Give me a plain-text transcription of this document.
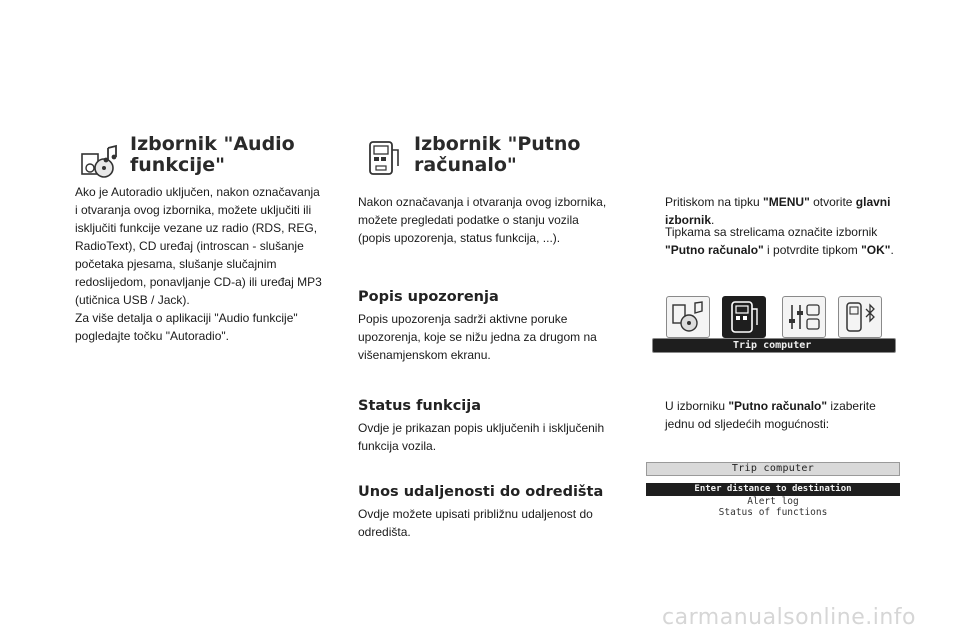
Izbornik "Audio
funkcije"
Ako je Autoradio uključen, nakon označavanja
i otvaranja ovog izbornika, možete uključiti ili
isključiti funkcije vezane uz radio (RDS, REG,
RadioText), CD uređaj (introscan - slušanje
početaka pjesama, slušanje slučajnim
redoslijedom, ponavljanje CD-a) ili uređaj MP3
(utičnica USB / Jack).
Za više detalja o aplikaciji "Audio funkcije"
pogledajte točku "Autoradio".
Izbornik "Putno
računalo"
Nakon označavanja i otvaranja ovog izbornika,
možete pregledati podatke o stanju vozila
(popis upozorenja, status funkcija, ...).
Popis upozorenja
Popis upozorenja sadrži aktivne poruke
upozorenja, koje se nižu jedna za drugom na
višenamjenskom ekranu.
Status funkcija
Ovdje je prikazan popis uključenih i isključenih
funkcija vozila.
Unos udaljenosti do odredišta
Ovdje možete upisati približnu udaljenost do
odredišta.
Pritiskom na tipku "MENU" otvorite glavni
izbornik.
Tipkama sa strelicama označite izbornik
"Putno računalo" i potvrdite tipkom "OK".
Trip computer
U izborniku "Putno računalo" izaberite
jednu od sljedećih mogućnosti:
Trip computer
Enter distance to destination
Alert log
Status of functions
carmanualsonline.info
